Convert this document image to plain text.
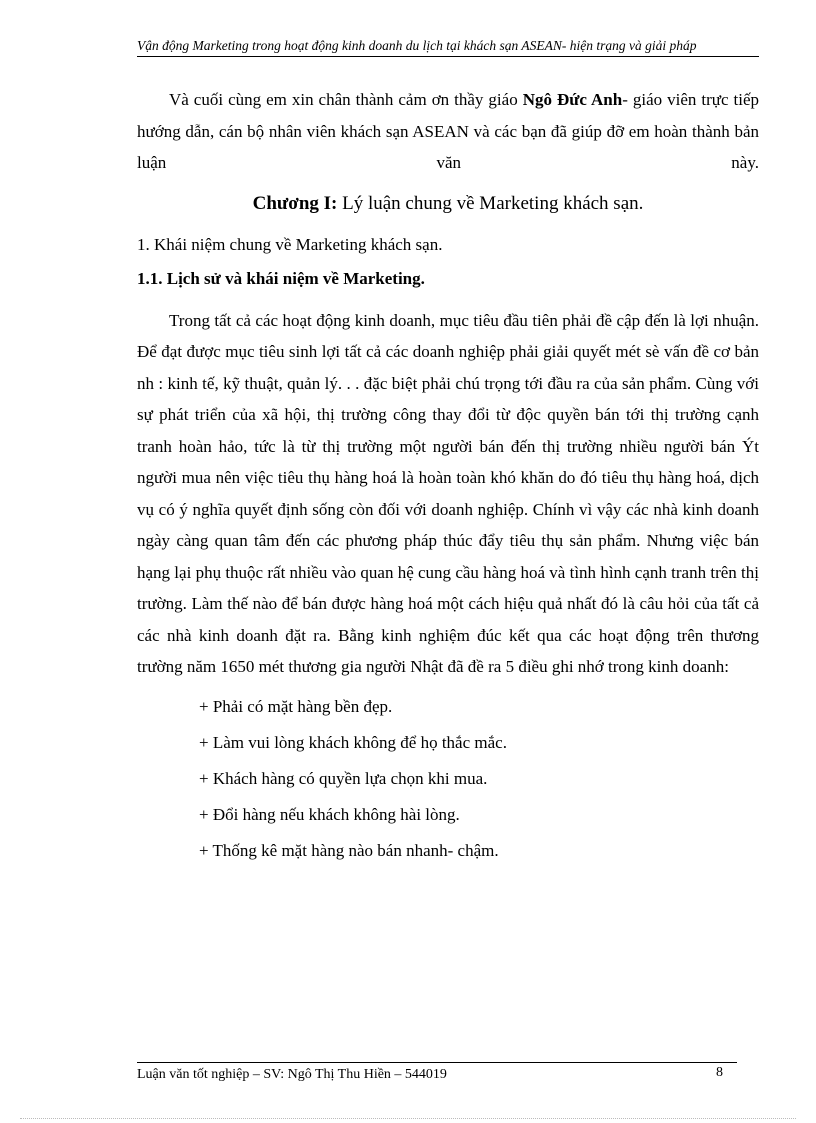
Vận động Marketing trong hoạt động kinh doanh du lịch tại khách sạn ASEAN- hiện trạng và giải pháp

Và cuối cùng em xin chân thành cảm ơn thầy giáo Ngô Đức Anh- giáo viên trực tiếp hướng dẫn, cán bộ nhân viên khách sạn ASEAN và các bạn đã giúp đỡ em hoàn thành bản luận văn này.

Chương I: Lý luận chung về Marketing khách sạn.

1. Khái niệm chung về Marketing khách sạn.

1.1. Lịch sử và khái niệm về Marketing.

Trong tất cả các hoạt động kinh doanh, mục tiêu đầu tiên phải đề cập đến là lợi nhuận. Để đạt được mục tiêu sinh lợi tất cả các doanh nghiệp phải giải quyết mét sè vấn đề cơ bản nh : kinh tế, kỹ thuật, quản lý. . . đặc biệt phải chú trọng tới đầu ra của sản phẩm. Cùng với sự phát triển của xã hội, thị trường công thay đổi từ độc quyền bán tới thị trường cạnh tranh hoàn hảo, tức là từ thị trường một người bán đến thị trường nhiều người bán Ýt người mua nên việc tiêu thụ hàng hoá là hoàn toàn khó khăn do đó tiêu thụ hàng hoá, dịch vụ có ý nghĩa quyết định sống còn đối với doanh nghiệp. Chính vì vậy các nhà kinh doanh ngày càng quan tâm đến các phương pháp thúc đẩy tiêu thụ sản phẩm. Nhưng việc bán hạng lại phụ thuộc rất nhiều vào quan hệ cung cầu hàng hoá và tình hình cạnh tranh trên thị trường. Làm thế nào để bán được hàng hoá một cách hiệu quả nhất đó là câu hỏi của tất cả các nhà kinh doanh đặt ra. Bằng kinh nghiệm đúc kết qua các hoạt động trên thương trường năm 1650 mét thương gia người Nhật đã đề ra 5 điều ghi nhớ trong kinh doanh:

+ Phải có mặt hàng bền đẹp.
+ Làm vui lòng khách không để họ thắc mắc.
+ Khách hàng có quyền lựa chọn khi mua.
+ Đổi hàng nếu khách không hài lòng.
+ Thống kê mặt hàng nào bán nhanh- chậm.
Luận văn tốt nghiệp – SV: Ngô Thị Thu Hiền – 544019	8
